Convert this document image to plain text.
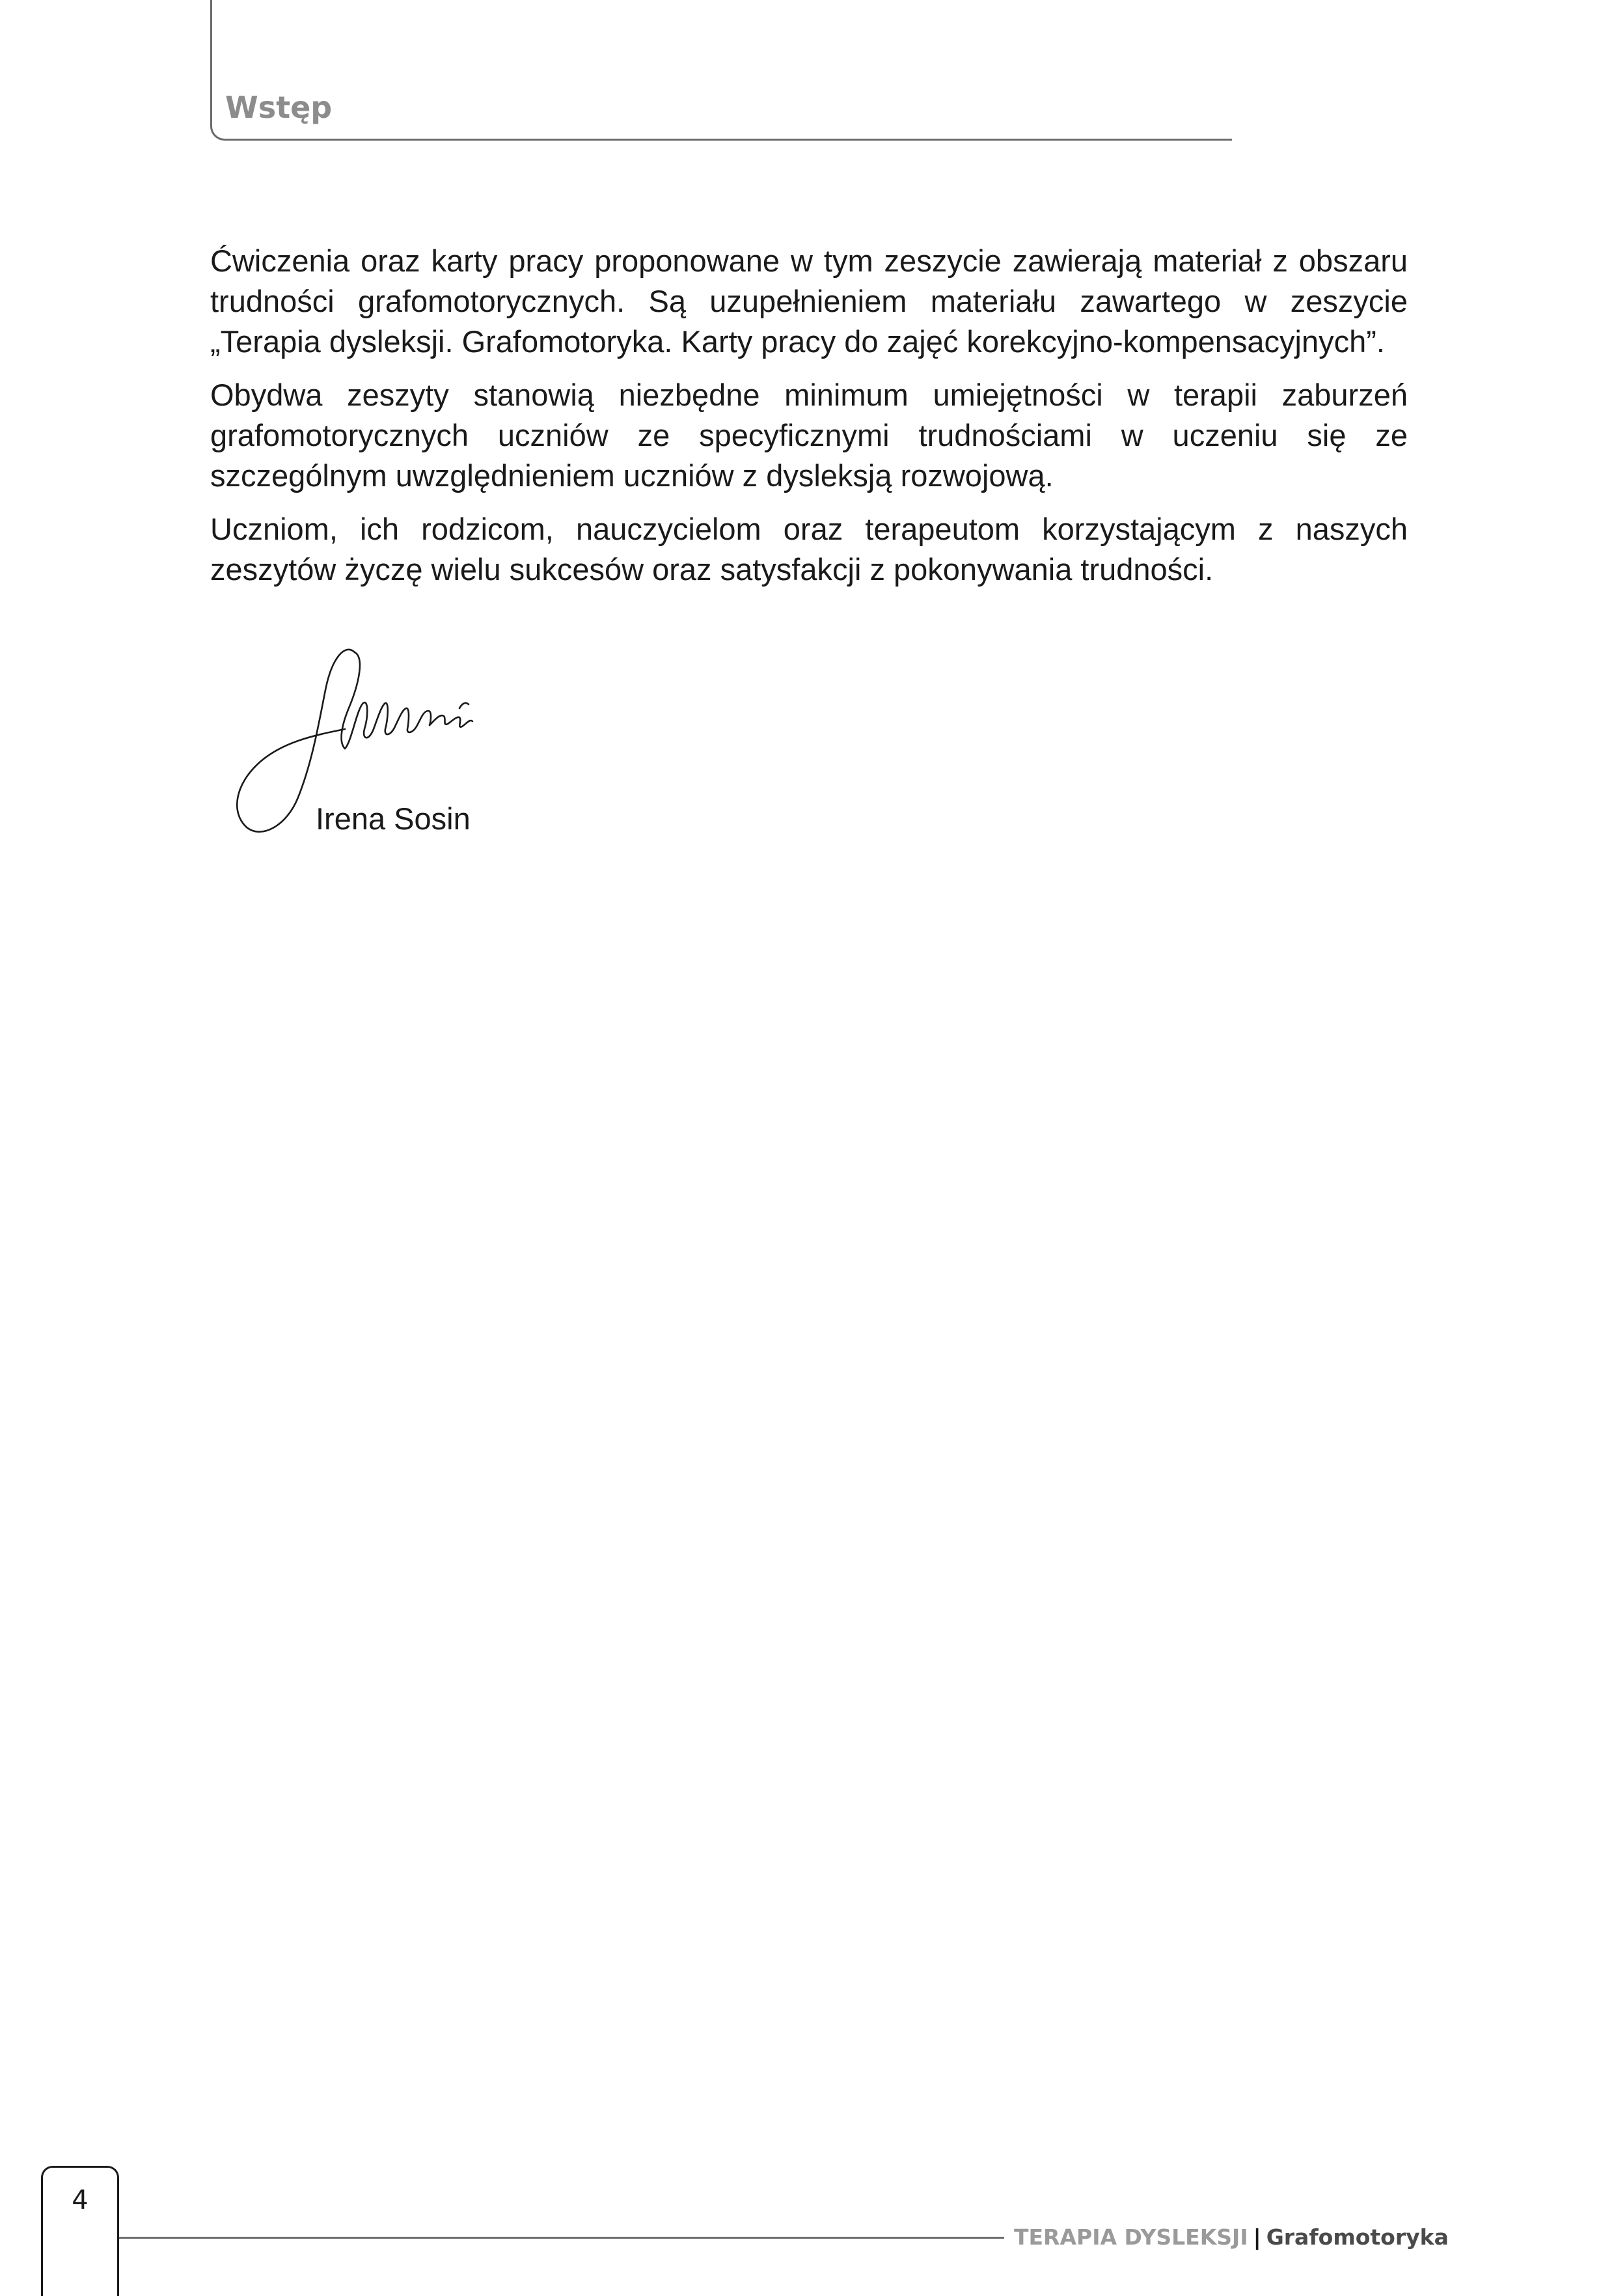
Wstęp

Ćwiczenia oraz karty pracy proponowane w tym zeszycie zawierają materiał z obszaru trudności grafomotorycznych. Są uzupełnieniem materiału zawartego w zeszycie „Terapia dysleksji. Grafomotoryka. Karty pracy do zajęć korekcyjno-kompensacyjnych”.

Obydwa zeszyty stanowią niezbędne minimum umiejętności w terapii zaburzeń grafomotorycznych uczniów ze specyficznymi trudnościami w uczeniu się ze szczególnym uwzględnieniem uczniów z dysleksją rozwojową.

Uczniom, ich rodzicom, nauczycielom oraz terapeutom korzystającym z naszych zeszytów życzę wielu sukcesów oraz satysfakcji z pokonywania trudności.

Irena Sosin

4
TERAPIA DYSLEKSJI | Grafomotoryka
